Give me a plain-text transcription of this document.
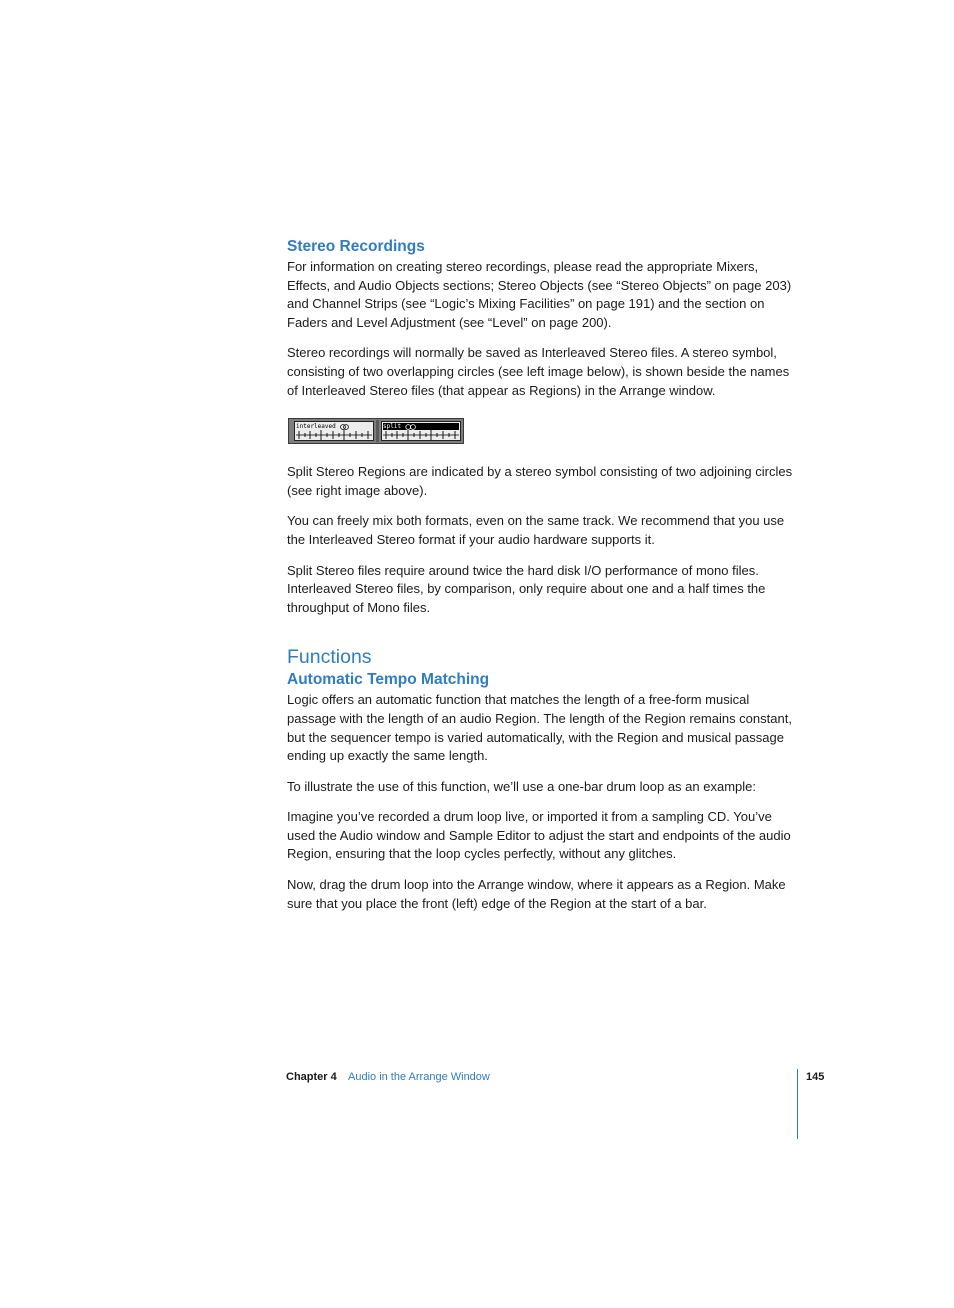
Stereo Recordings

For information on creating stereo recordings, please read the appropriate Mixers, Effects, and Audio Objects sections; Stereo Objects (see “Stereo Objects” on page 203) and Channel Strips (see “Logic’s Mixing Facilities” on page 191) and the section on Faders and Level Adjustment (see “Level” on page 200).

Stereo recordings will normally be saved as Interleaved Stereo files. A stereo symbol, consisting of two overlapping circles (see left image below), is shown beside the names of Interleaved Stereo files (that appear as Regions) in the Arrange window.

Split Stereo Regions are indicated by a stereo symbol consisting of two adjoining circles (see right image above).

You can freely mix both formats, even on the same track. We recommend that you use the Interleaved Stereo format if your audio hardware supports it.

Split Stereo files require around twice the hard disk I/O performance of mono files. Interleaved Stereo files, by comparison, only require about one and a half times the throughput of Mono files.

Functions
Automatic Tempo Matching

Logic offers an automatic function that matches the length of a free-form musical passage with the length of an audio Region. The length of the Region remains constant, but the sequencer tempo is varied automatically, with the Region and musical passage ending up exactly the same length.

To illustrate the use of this function, we’ll use a one-bar drum loop as an example:

Imagine you’ve recorded a drum loop live, or imported it from a sampling CD. You’ve used the Audio window and Sample Editor to adjust the start and endpoints of the audio Region, ensuring that the loop cycles perfectly, without any glitches.

Now, drag the drum loop into the Arrange window, where it appears as a Region. Make sure that you place the front (left) edge of the Region at the start of a bar.

interleaved	split
Chapter 4 Audio in the Arrange Window	145
